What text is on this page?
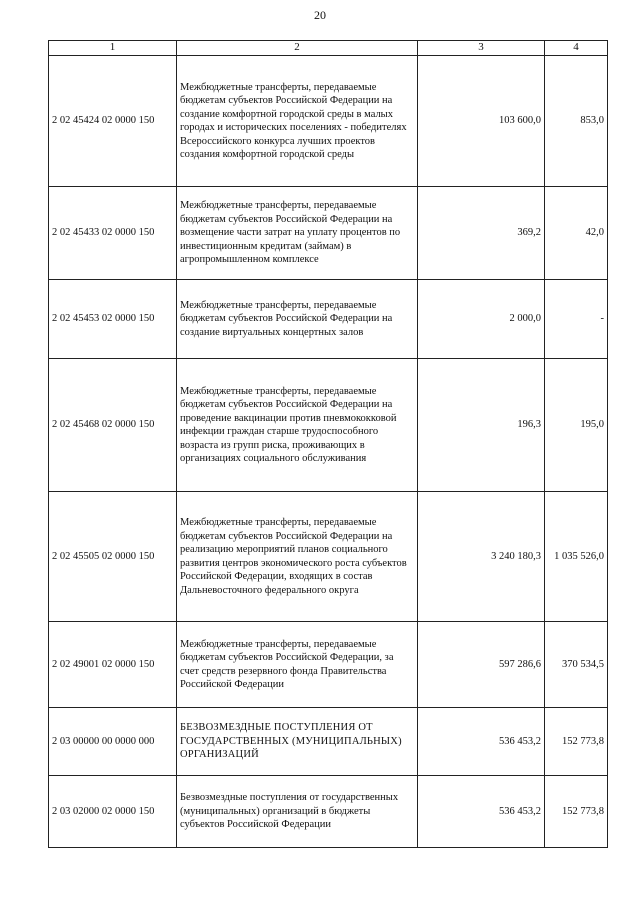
20
1	2	3	4
2 02 45424 02 0000 150	Межбюджетные трансферты, передаваемые бюджетам субъектов Российской Федерации на создание комфортной городской среды в малых городах и исторических поселениях - победителях Всероссийского конкурса лучших проектов создания комфортной городской среды	103 600,0	853,0
2 02 45433 02 0000 150	Межбюджетные трансферты, передаваемые бюджетам субъектов Российской Федерации на возмещение части затрат на уплату процентов по инвестиционным кредитам (займам) в агропромышленном комплексе	369,2	42,0
2 02 45453 02 0000 150	Межбюджетные трансферты, передаваемые бюджетам субъектов Российской Федерации на создание виртуальных концертных залов	2 000,0	-
2 02 45468 02 0000 150	Межбюджетные трансферты, передаваемые бюджетам субъектов Российской Федерации на проведение вакцинации против пневмококковой инфекции граждан старше трудоспособного возраста из групп риска, проживающих в организациях социального обслуживания	196,3	195,0
2 02 45505 02 0000 150	Межбюджетные трансферты, передаваемые бюджетам субъектов Российской Федерации на реализацию мероприятий планов социального развития центров экономического роста субъектов Российской Федерации, входящих в состав Дальневосточного федерального округа	3 240 180,3	1 035 526,0
2 02 49001 02 0000 150	Межбюджетные трансферты, передаваемые бюджетам субъектов Российской Федерации, за счет средств резервного фонда Правительства Российской Федерации	597 286,6	370 534,5
2 03 00000 00 0000 000	БЕЗВОЗМЕЗДНЫЕ ПОСТУПЛЕНИЯ ОТ ГОСУДАРСТВЕННЫХ (МУНИЦИПАЛЬНЫХ) ОРГАНИЗАЦИЙ	536 453,2	152 773,8
2 03 02000 02 0000 150	Безвозмездные поступления от государственных (муниципальных) организаций в бюджеты субъектов Российской Федерации	536 453,2	152 773,8
